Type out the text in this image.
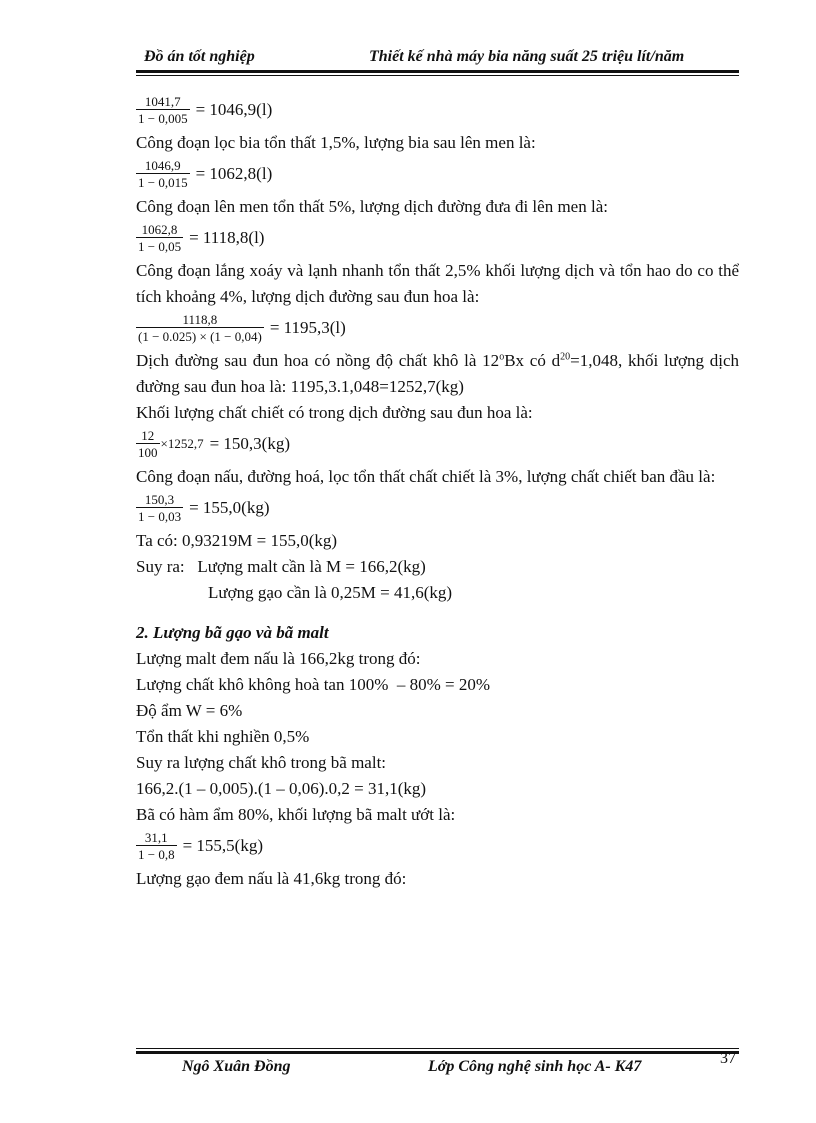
Đồ án tốt nghiệp	Thiết kế nhà máy bia năng suất 25 triệu lít/năm
$\frac{1041,7}{1 - 0,005} = 1046,9(l)$

Công đoạn lọc bia tổn thất 1,5%, lượng bia sau lên men là:

$\frac{1046,9}{1 - 0,015} = 1062,8(l)$

Công đoạn lên men tổn thất 5%, lượng dịch đường đưa đi lên men là:

$\frac{1062,8}{1 - 0,05} = 1118,8(l)$

Công đoạn lắng xoáy và lạnh nhanh tổn thất 2,5% khối lượng dịch và tổn hao do co thể tích khoảng 4%, lượng dịch đường sau đun hoa là:

$\frac{1118,8}{(1 - 0.025) \times (1 - 0,04)} = 1195,3(l)$

Dịch đường sau đun hoa có nồng độ chất khô là 12$^o$Bx có $d^{20}=1,048$, khối lượng dịch đường sau đun hoa là: 1195,3.1,048=1252,7(kg)

Khối lượng chất chiết có trong dịch đường sau đun hoa là:

$\frac{12}{100} \times 1252,7 = 150,3(kg)$

Công đoạn nấu, đường hoá, lọc tổn thất chất chiết là 3%, lượng chất chiết ban đầu là:

$\frac{150,3}{1 - 0,03} = 155,0(kg)$

Ta có: 0,93219M = 155,0(kg)

Suy ra:   Lượng malt cần là M = 166,2(kg)

Lượng gạo cần là 0,25M = 41,6(kg)

2. Lượng bã gạo và bã malt

Lượng malt đem nấu là 166,2kg trong đó:

Lượng chất khô không hoà tan 100%  – 80% = 20%

Độ ẩm W = 6%

Tổn thất khi nghiền 0,5%

Suy ra lượng chất khô trong bã malt:

166,2.(1 – 0,005).(1 – 0,06).0,2 = 31,1(kg)

Bã có hàm ẩm 80%, khối lượng bã malt ướt là:

$\frac{31,1}{1 - 0,8} = 155,5(kg)$

Lượng gạo đem nấu là 41,6kg trong đó:

Ngô Xuân Đồng	Lớp Công nghệ sinh học A- K47	37
